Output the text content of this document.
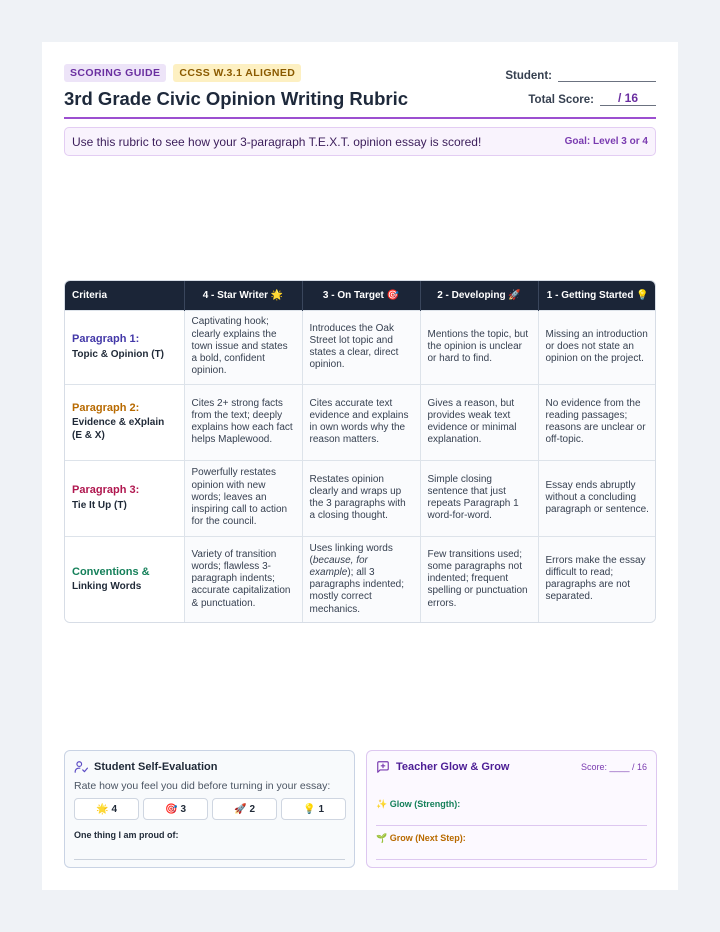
SCORING GUIDE	CCSS W.3.1 ALIGNED
3rd Grade Civic Opinion Writing Rubric
Student:
Total Score:	/ 16
Use this rubric to see how your 3-paragraph T.E.X.T. opinion essay is scored!	Goal: Level 3 or 4
Criteria	4 - Star Writer 🌟	3 - On Target 🎯	2 - Developing 🚀	1 - Getting Started 💡

Paragraph 1:
Topic & Opinion (T)	Captivating hook; clearly explains the town issue and states a bold, confident opinion.	Introduces the Oak Street lot topic and states a clear, direct opinion.	Mentions the topic, but the opinion is unclear or hard to find.	Missing an introduction or does not state an opinion on the project.

Paragraph 2:
Evidence & eXplain (E & X)	Cites 2+ strong facts from the text; deeply explains how each fact helps Maplewood.	Cites accurate text evidence and explains in own words why the reason matters.	Gives a reason, but provides weak text evidence or minimal explanation.	No evidence from the reading passages; reasons are unclear or off-topic.

Paragraph 3:
Tie It Up (T)	Powerfully restates opinion with new words; leaves an inspiring call to action for the council.	Restates opinion clearly and wraps up the 3 paragraphs with a closing thought.	Simple closing sentence that just repeats Paragraph 1 word-for-word.	Essay ends abruptly without a concluding paragraph or sentence.

Conventions &
Linking Words	Variety of transition words; flawless 3-paragraph indents; accurate capitalization & punctuation.	Uses linking words (because, for example); all 3 paragraphs indented; mostly correct mechanics.	Few transitions used; some paragraphs not indented; frequent spelling or punctuation errors.	Errors make the essay difficult to read; paragraphs are not separated.
Student Self-Evaluation
Rate how you feel you did before turning in your essay:
🌟 4	🎯 3	🚀 2	💡 1
One thing I am proud of:
Teacher Glow & Grow	Score: ____ / 16
✨ Glow (Strength):
🌱 Grow (Next Step):
